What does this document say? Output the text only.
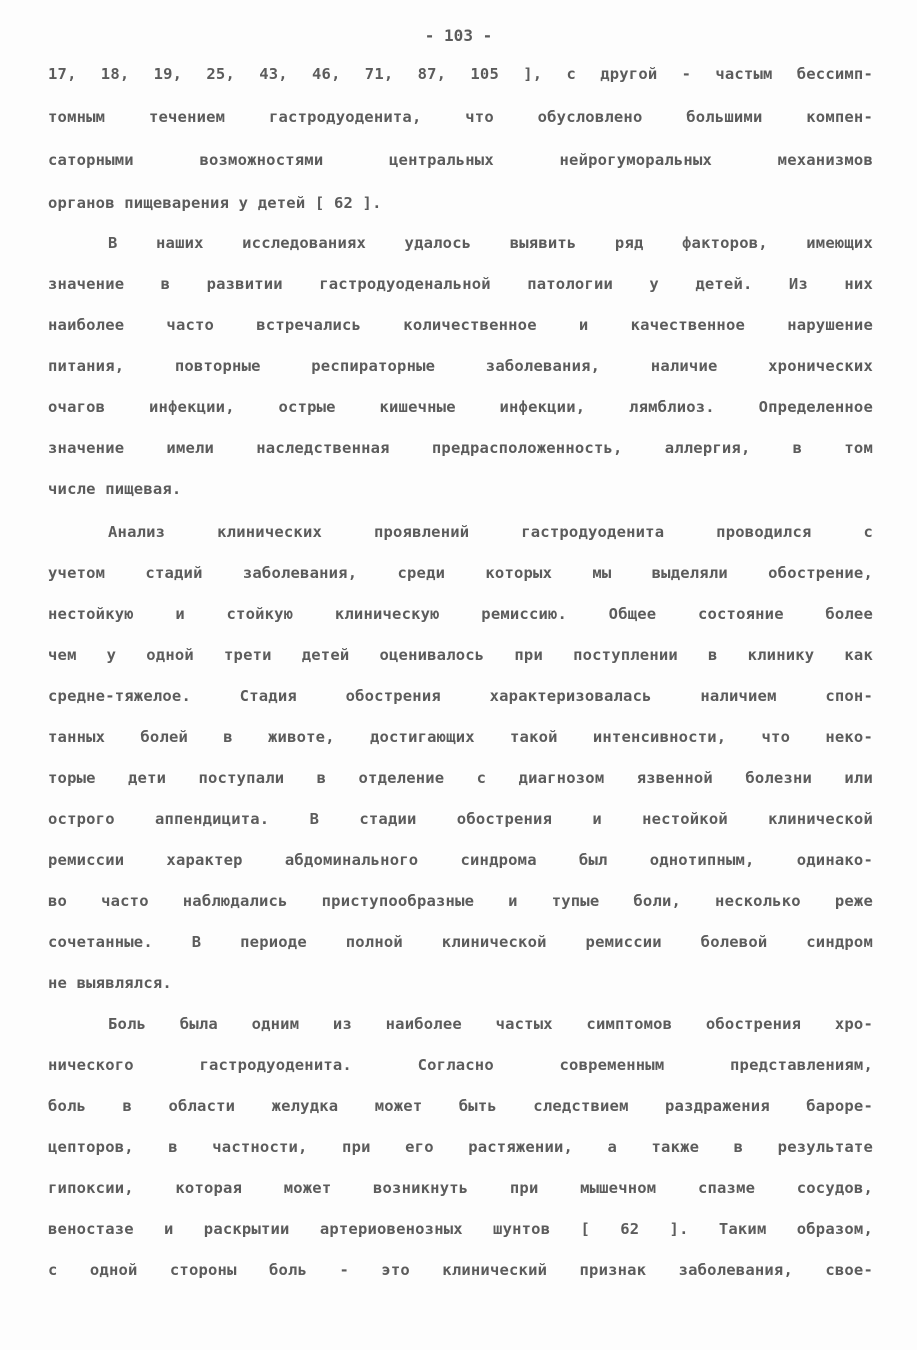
- 103 -
17, 18, 19, 25, 43, 46, 71, 87, 105 ], с другой - частым бессимп-
томным течением гастродуоденита, что обусловлено большими компен-
саторными возможностями центральных нейрогуморальных механизмов
органов пищеварения у детей [ 62 ].
В наших исследованиях удалось выявить ряд факторов, имеющих
значение в развитии гастродуоденальной патологии у детей. Из них
наиболее часто встречались количественное и качественное нарушение
питания, повторные респираторные заболевания, наличие хронических
очагов инфекции, острые кишечные инфекции, лямблиоз. Определенное
значение имели наследственная предрасположенность, аллергия, в том
числе пищевая.
Анализ клинических проявлений гастродуоденита проводился с
учетом стадий заболевания, среди которых мы выделяли обострение,
нестойкую и стойкую клиническую ремиссию. Общее состояние более
чем у одной трети детей оценивалось при поступлении в клинику как
средне-тяжелое. Стадия обострения характеризовалась наличием спон-
танных болей в животе, достигающих такой интенсивности, что неко-
торые дети поступали в отделение с диагнозом язвенной болезни или
острого аппендицита. В стадии обострения и нестойкой клинической
ремиссии характер абдоминального синдрома был однотипным, одинако-
во часто наблюдались приступообразные и тупые боли, несколько реже
сочетанные. В периоде полной клинической ремиссии болевой синдром
не выявлялся.
Боль была одним из наиболее частых симптомов обострения хро-
нического гастродуоденита. Согласно современным представлениям,
боль в области желудка может быть следствием раздражения бароре-
цепторов, в частности, при его растяжении, а также в результате
гипоксии, которая может возникнуть при мышечном спазме сосудов,
веностазе и раскрытии артериовенозных шунтов [ 62 ]. Таким образом,
с одной стороны боль - это клинический признак заболевания, свое-
